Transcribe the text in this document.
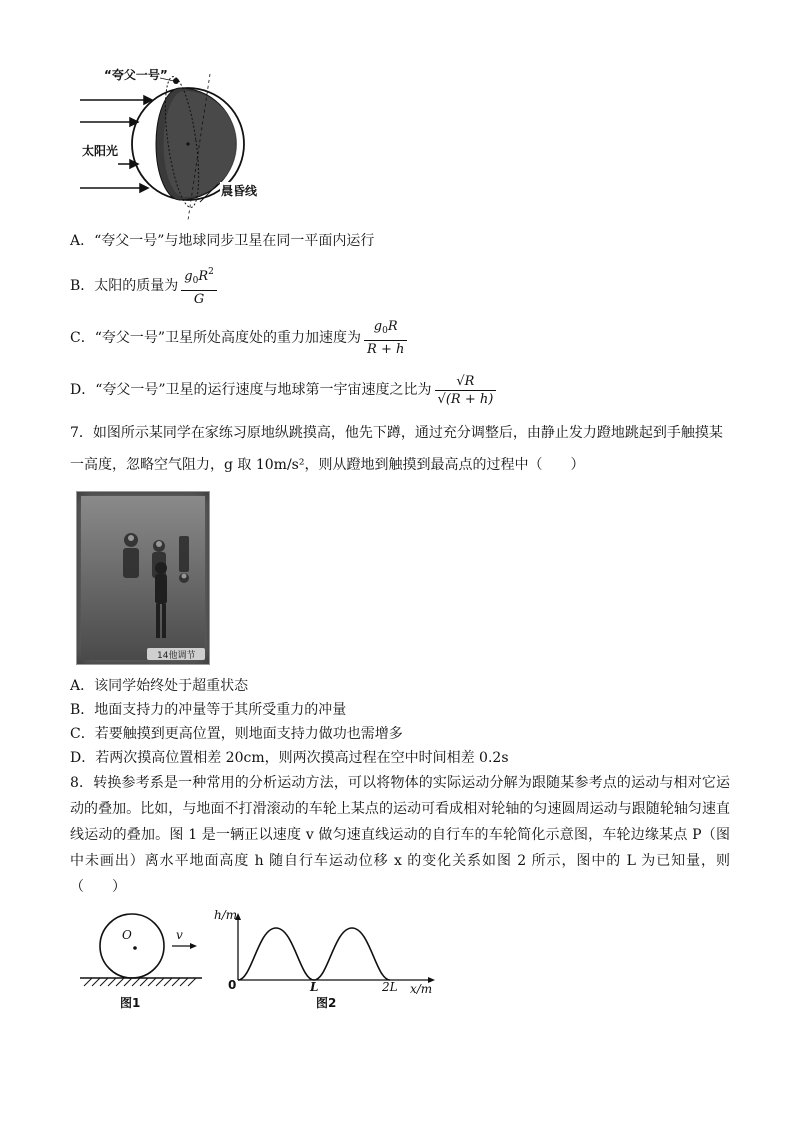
“夸父一号”
太阳光
晨昏线
A．“夸父一号”与地球同步卫星在同一平面内运行
B．太阳的质量为 $\frac{g_0R^2}{G}$
C．“夸父一号”卫星所处高度处的重力加速度为 $\frac{g_0R}{R + h}$
D．“夸父一号”卫星的运行速度与地球第一宇宙速度之比为 $\frac{√R}{√(R + h)}$
7．如图所示某同学在家练习原地纵跳摸高，他先下蹲，通过充分调整后，由静止发力蹬地跳起到手触摸某
一高度，忽略空气阻力，g 取 10m/s²，则从蹬地到触摸到最高点的过程中（　　）
14他调节
A．该同学始终处于超重状态
B．地面支持力的冲量等于其所受重力的冲量
C．若要触摸到更高位置，则地面支持力做功也需增多
D．若两次摸高位置相差 20cm，则两次摸高过程在空中时间相差 0.2s
8．转换参考系是一种常用的分析运动方法，可以将物体的实际运动分解为跟随某参考点的运动与相对它运动的叠加。比如，与地面不打滑滚动的车轮上某点的运动可看成相对轮轴的匀速圆周运动与跟随轮轴匀速直线运动的叠加。图 1 是一辆正以速度 v 做匀速直线运动的自行车的车轮简化示意图，车轮边缘某点 P（图中未画出）离水平地面高度 h 随自行车运动位移 x 的变化关系如图 2 所示，图中的 L 为已知量，则（　　）
O	v
图1
h/m
0	L	2L x/m
图2
